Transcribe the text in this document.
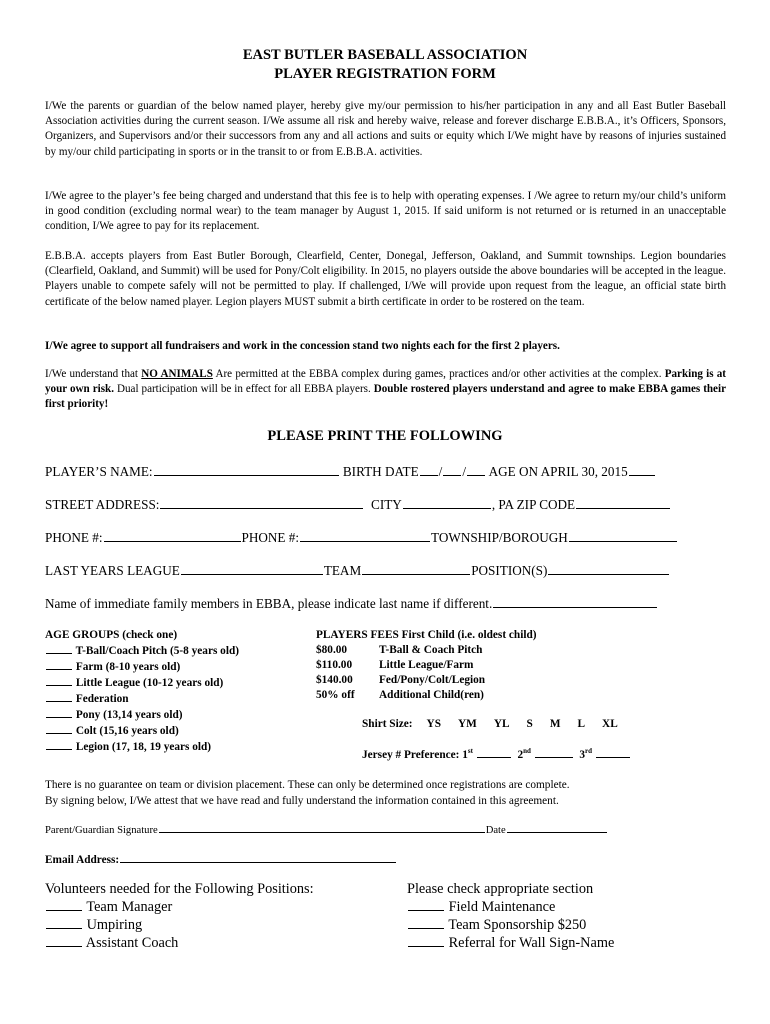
EAST BUTLER BASEBALL ASSOCIATION
PLAYER REGISTRATION FORM

I/We the parents or guardian of the below named player, hereby give my/our permission to his/her participation in any and all East Butler Baseball Association activities during the current season. I/We assume all risk and hereby waive, release and forever discharge E.B.B.A., it’s Officers, Sponsors, Organizers, and Supervisors and/or their successors from any and all actions and suits or equity which I/We might have by reasons of injuries sustained by my/our child participating in sports or in the transit to or from E.B.B.A. activities.

I/We agree to the player’s fee being charged and understand that this fee is to help with operating expenses. I /We agree to return my/our child’s uniform in good condition (excluding normal wear) to the team manager by August 1, 2015. If said uniform is not returned or is returned in an unacceptable condition, I/We agree to pay for its replacement.

E.B.B.A. accepts players from East Butler Borough, Clearfield, Center, Donegal, Jefferson, Oakland, and Summit townships. Legion boundaries (Clearfield, Oakland, and Summit) will be used for Pony/Colt eligibility. In 2015, no players outside the above boundaries will be accepted in the league. Players unable to compete safely will not be permitted to play. If challenged, I/We will provide upon request from the league, an official state birth certificate of the below named player. Legion players MUST submit a birth certificate in order to be rostered on the team.

I/We agree to support all fundraisers and work in the concession stand two nights each for the first 2 players.

I/We understand that NO ANIMALS Are permitted at the EBBA complex during games, practices and/or other activities at the complex. Parking is at your own risk. Dual participation will be in effect for all EBBA players. Double rostered players understand and agree to make EBBA games their first priority!

PLEASE PRINT THE FOLLOWING
PLAYER’S NAME:	BIRTH DATE / / AGE ON APRIL 30, 2015
STREET ADDRESS:	CITY	, PA ZIP CODE
PHONE #:	PHONE #:	TOWNSHIP/BOROUGH
LAST YEARS LEAGUE	TEAM	POSITION(S)
Name of immediate family members in EBBA, please indicate last name if different.
AGE GROUPS (check one)
T-Ball/Coach Pitch (5-8 years old)
Farm (8-10 years old)
Little League (10-12 years old)
Federation
Pony (13,14 years old)
Colt (15,16 years old)
Legion (17, 18, 19 years old)
PLAYERS FEES First Child (i.e. oldest child)
$80.00	T-Ball & Coach Pitch
$110.00 Little League/Farm
$140.00 Fed/Pony/Colt/Legion
50% off Additional Child(ren)
Shirt Size: YS YM YL S M L XL
Jersey # Preference: 1st	2nd	3rd
There is no guarantee on team or division placement. These can only be determined once registrations are complete.
By signing below, I/We attest that we have read and fully understand the information contained in this agreement.
Parent/Guardian Signature	Date
Email Address:
Volunteers needed for the Following Positions:
Team Manager
Umpiring
Assistant Coach
Please check appropriate section
Field Maintenance
Team Sponsorship $250
Referral for Wall Sign-Name
